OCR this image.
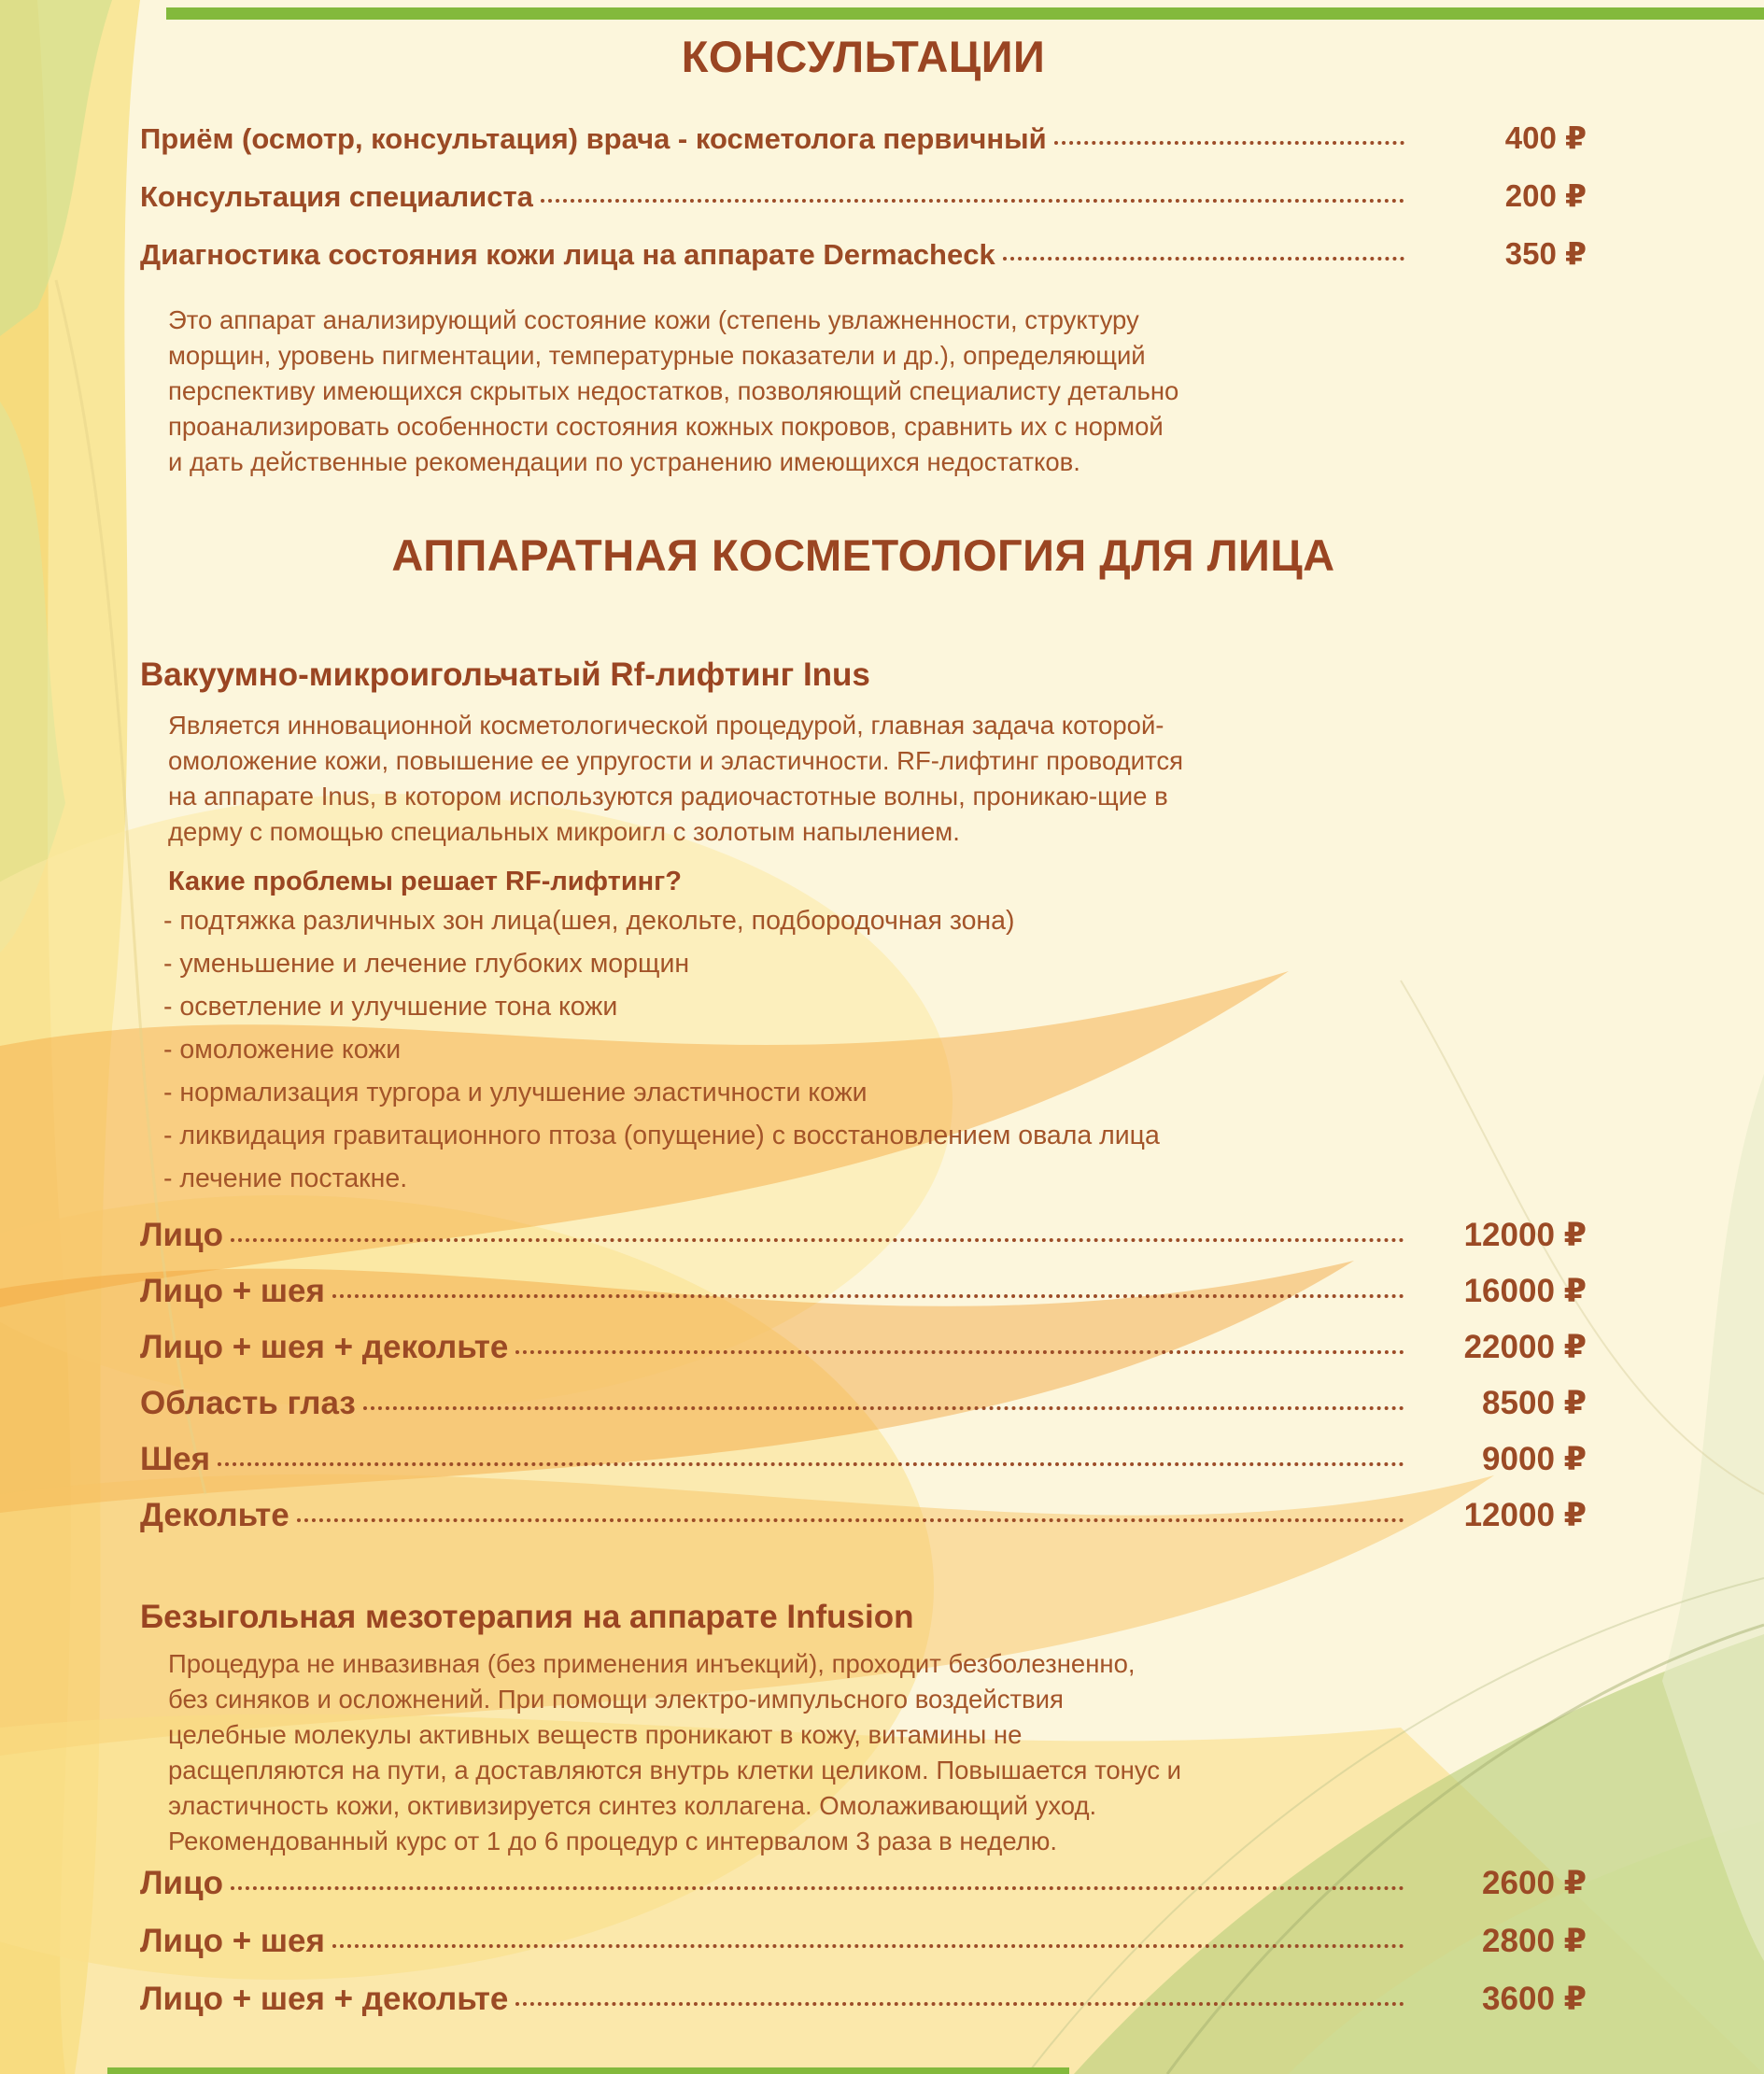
КОНСУЛЬТАЦИИ
Приём (осмотр, консультация) врача - косметолога первичный	400 ₽
Консультация специалиста	200 ₽
Диагностика состояния кожи лица на аппарате Dermacheck	350 ₽
Это аппарат анализирующий состояние кожи (степень увлажненности, структуру
морщин, уровень пигментации, температурные показатели и др.), определяющий
перспективу имеющихся скрытых недостатков, позволяющий специалисту детально
проанализировать особенности состояния кожных покровов, сравнить их с нормой
и дать действенные рекомендации по устранению имеющихся недостатков.
АППАРАТНАЯ КОСМЕТОЛОГИЯ ДЛЯ ЛИЦА
Вакуумно-микроигольчатый Rf-лифтинг Inus
Является инновационной косметологической процедурой, главная задача которой-
омоложение кожи, повышение ее упругости и эластичности. RF-лифтинг проводится
на аппарате Inus, в котором используются радиочастотные волны, проникаю-щие в
дерму с помощью специальных микроигл с золотым напылением.
Какие проблемы решает RF-лифтинг?
- подтяжка различных зон лица(шея, декольте, подбородочная зона)
- уменьшение и лечение глубоких морщин
- осветление и улучшение тона кожи
- омоложение кожи
- нормализация тургора и улучшение эластичности кожи
- ликвидация гравитационного птоза (опущение) с восстановлением овала лица
- лечение постакне.
Лицо	12000 ₽
Лицо + шея	16000 ₽
Лицо + шея + декольте	22000 ₽
Область глаз	8500 ₽
Шея	9000 ₽
Декольте	12000 ₽
Безыгольная мезотерапия на аппарате Infusion
Процедура не инвазивная (без применения инъекций), проходит безболезненно,
без синяков и осложнений. При помощи электро-импульсного воздействия
целебные молекулы активных веществ проникают в кожу, витамины не
расщепляются на пути, а доставляются внутрь клетки целиком. Повышается тонус и
эластичность кожи, октивизируется синтез коллагена. Омолаживающий уход.
Рекомендованный курс от 1 до 6 процедур с интервалом 3 раза в неделю.
Лицо	2600 ₽
Лицо + шея	2800 ₽
Лицо + шея + декольте	3600 ₽
